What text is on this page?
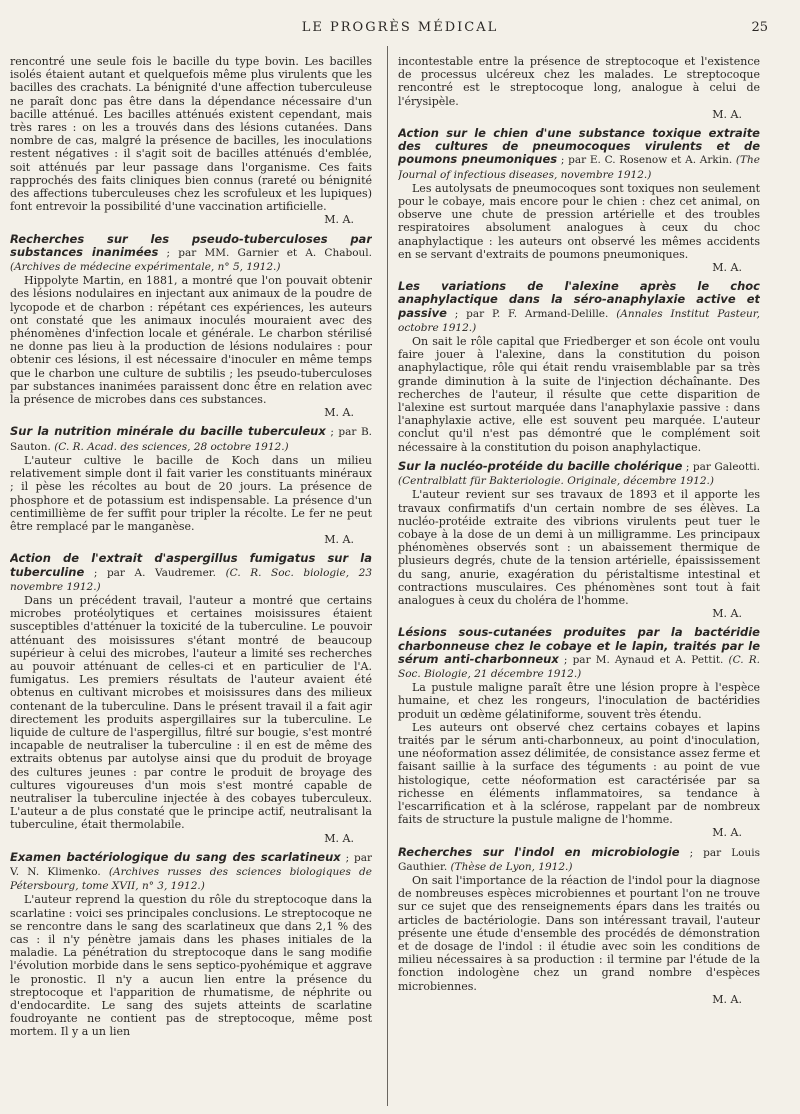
LE PROGRÈS MÉDICAL	25

rencontré une seule fois le bacille du type bovin. Les bacilles isolés étaient autant et quelquefois même plus virulents que les bacilles des crachats. La bénignité d'une affection tuberculeuse ne paraît donc pas être dans la dépendance nécessaire d'un bacille atténué. Les bacilles atténués existent cependant, mais très rares : on les a trouvés dans des lésions cutanées. Dans nombre de cas, malgré la présence de bacilles, les inoculations restent négatives : il s'agit soit de bacilles atténués d'emblée, soit atténués par leur passage dans l'organisme. Ces faits rapprochés des faits cliniques bien connus (rareté ou bénignité des affections tuberculeuses chez les scrofuleux et les lupiques) font entrevoir la possibilité d'une vaccination artificielle.

M. A.

Recherches sur les pseudo-tuberculoses par substances inanimées ; par MM. Garnier et A. Chaboul. (Archives de médecine expérimentale, n° 5, 1912.)

Hippolyte Martin, en 1881, a montré que l'on pouvait obtenir des lésions nodulaires en injectant aux animaux de la poudre de lycopode et de charbon : répétant ces expériences, les auteurs ont constaté que les animaux inoculés mouraient avec des phénomènes d'infection locale et générale. Le charbon stérilisé ne donne pas lieu à la production de lésions nodulaires : pour obtenir ces lésions, il est nécessaire d'inoculer en même temps que le charbon une culture de subtilis ; les pseudo-tuberculoses par substances inanimées paraissent donc être en relation avec la présence de microbes dans ces substances.

M. A.

Sur la nutrition minérale du bacille tuberculeux ; par B. Sauton. (C. R. Acad. des sciences, 28 octobre 1912.)

L'auteur cultive le bacille de Koch dans un milieu relativement simple dont il fait varier les constituants minéraux ; il pèse les récoltes au bout de 20 jours. La présence de phosphore et de potassium est indispensable. La présence d'un centimillième de fer suffit pour tripler la récolte. Le fer ne peut être remplacé par le manganèse.

M. A.

Action de l'extrait d'aspergillus fumigatus sur la tuberculine ; par A. Vaudremer. (C. R. Soc. biologie, 23 novembre 1912.)

Dans un précédent travail, l'auteur a montré que certains microbes protéolytiques et certaines moisissures étaient susceptibles d'atténuer la toxicité de la tuberculine. Le pouvoir atténuant des moisissures s'étant montré de beaucoup supérieur à celui des microbes, l'auteur a limité ses recherches au pouvoir atténuant de celles-ci et en particulier de l'A. fumigatus. Les premiers résultats de l'auteur avaient été obtenus en cultivant microbes et moisissures dans des milieux contenant de la tuberculine. Dans le présent travail il a fait agir directement les produits aspergillaires sur la tuberculine. Le liquide de culture de l'aspergillus, filtré sur bougie, s'est montré incapable de neutraliser la tuberculine : il en est de même des extraits obtenus par autolyse ainsi que du produit de broyage des cultures jeunes : par contre le produit de broyage des cultures vigoureuses d'un mois s'est montré capable de neutraliser la tuberculine injectée à des cobayes tuberculeux. L'auteur a de plus constaté que le principe actif, neutralisant la tuberculine, était thermolabile.

M. A.

Examen bactériologique du sang des scarlatineux ; par V. N. Klimenko. (Archives russes des sciences biologiques de Pétersbourg, tome XVII, n° 3, 1912.)

L'auteur reprend la question du rôle du streptocoque dans la scarlatine : voici ses principales conclusions. Le streptocoque ne se rencontre dans le sang des scarlatineux que dans 2,1 % des cas : il n'y pénètre jamais dans les phases initiales de la maladie. La pénétration du streptocoque dans le sang modifie l'évolution morbide dans le sens septico-pyohémique et aggrave le pronostic. Il n'y a aucun lien entre la présence du streptocoque et l'apparition de rhumatisme, de néphrite ou d'endocardite. Le sang des sujets atteints de scarlatine foudroyante ne contient pas de streptocoque, même post mortem. Il y a un lien

incontestable entre la présence de streptocoque et l'existence de processus ulcéreux chez les malades. Le streptocoque rencontré est le streptocoque long, analogue à celui de l'érysipèle.

M. A.

Action sur le chien d'une substance toxique extraite des cultures de pneumocoques virulents et de poumons pneumoniques ; par E. C. Rosenow et A. Arkin. (The Journal of infectious diseases, novembre 1912.)

Les autolysats de pneumocoques sont toxiques non seulement pour le cobaye, mais encore pour le chien : chez cet animal, on observe une chute de pression artérielle et des troubles respiratoires absolument analogues à ceux du choc anaphylactique : les auteurs ont observé les mêmes accidents en se servant d'extraits de poumons pneumoniques.

M. A.

Les variations de l'alexine après le choc anaphylactique dans la séro-anaphylaxie active et passive ; par P. F. Armand-Delille. (Annales Institut Pasteur, octobre 1912.)

On sait le rôle capital que Friedberger et son école ont voulu faire jouer à l'alexine, dans la constitution du poison anaphylactique, rôle qui était rendu vraisemblable par sa très grande diminution à la suite de l'injection déchaînante. Des recherches de l'auteur, il résulte que cette disparition de l'alexine est surtout marquée dans l'anaphylaxie passive : dans l'anaphylaxie active, elle est souvent peu marquée. L'auteur conclut qu'il n'est pas démontré que le complément soit nécessaire à la constitution du poison anaphylactique.

Sur la nucléo-protéide du bacille cholérique ; par Galeotti. (Centralblatt für Bakteriologie. Originale, décembre 1912.)

L'auteur revient sur ses travaux de 1893 et il apporte les travaux confirmatifs d'un certain nombre de ses élèves. La nucléo-protéide extraite des vibrions virulents peut tuer le cobaye à la dose de un demi à un milligramme. Les principaux phénomènes observés sont : un abaissement thermique de plusieurs degrés, chute de la tension artérielle, épaississement du sang, anurie, exagération du péristaltisme intestinal et contractions musculaires. Ces phénomènes sont tout à fait analogues à ceux du choléra de l'homme.

M. A.

Lésions sous-cutanées produites par la bactéridie charbonneuse chez le cobaye et le lapin, traités par le sérum anti-charbonneux ; par M. Aynaud et A. Pettit. (C. R. Soc. Biologie, 21 décembre 1912.)

La pustule maligne paraît être une lésion propre à l'espèce humaine, et chez les rongeurs, l'inoculation de bactéridies produit un œdème gélatiniforme, souvent très étendu.

Les auteurs ont observé chez certains cobayes et lapins traités par le sérum anti-charbonneux, au point d'inoculation, une néoformation assez délimitée, de consistance assez ferme et faisant saillie à la surface des téguments : au point de vue histologique, cette néoformation est caractérisée par sa richesse en éléments inflammatoires, sa tendance à l'escarrification et à la sclérose, rappelant par de nombreux faits de structure la pustule maligne de l'homme.

M. A.

Recherches sur l'indol en microbiologie ; par Louis Gauthier. (Thèse de Lyon, 1912.)

On sait l'importance de la réaction de l'indol pour la diagnose de nombreuses espèces microbiennes et pourtant l'on ne trouve sur ce sujet que des renseignements épars dans les traités ou articles de bactériologie. Dans son intéressant travail, l'auteur présente une étude d'ensemble des procédés de démonstration et de dosage de l'indol : il étudie avec soin les conditions de milieu nécessaires à sa production : il termine par l'étude de la fonction indologène chez un grand nombre d'espèces microbiennes.

M. A.
